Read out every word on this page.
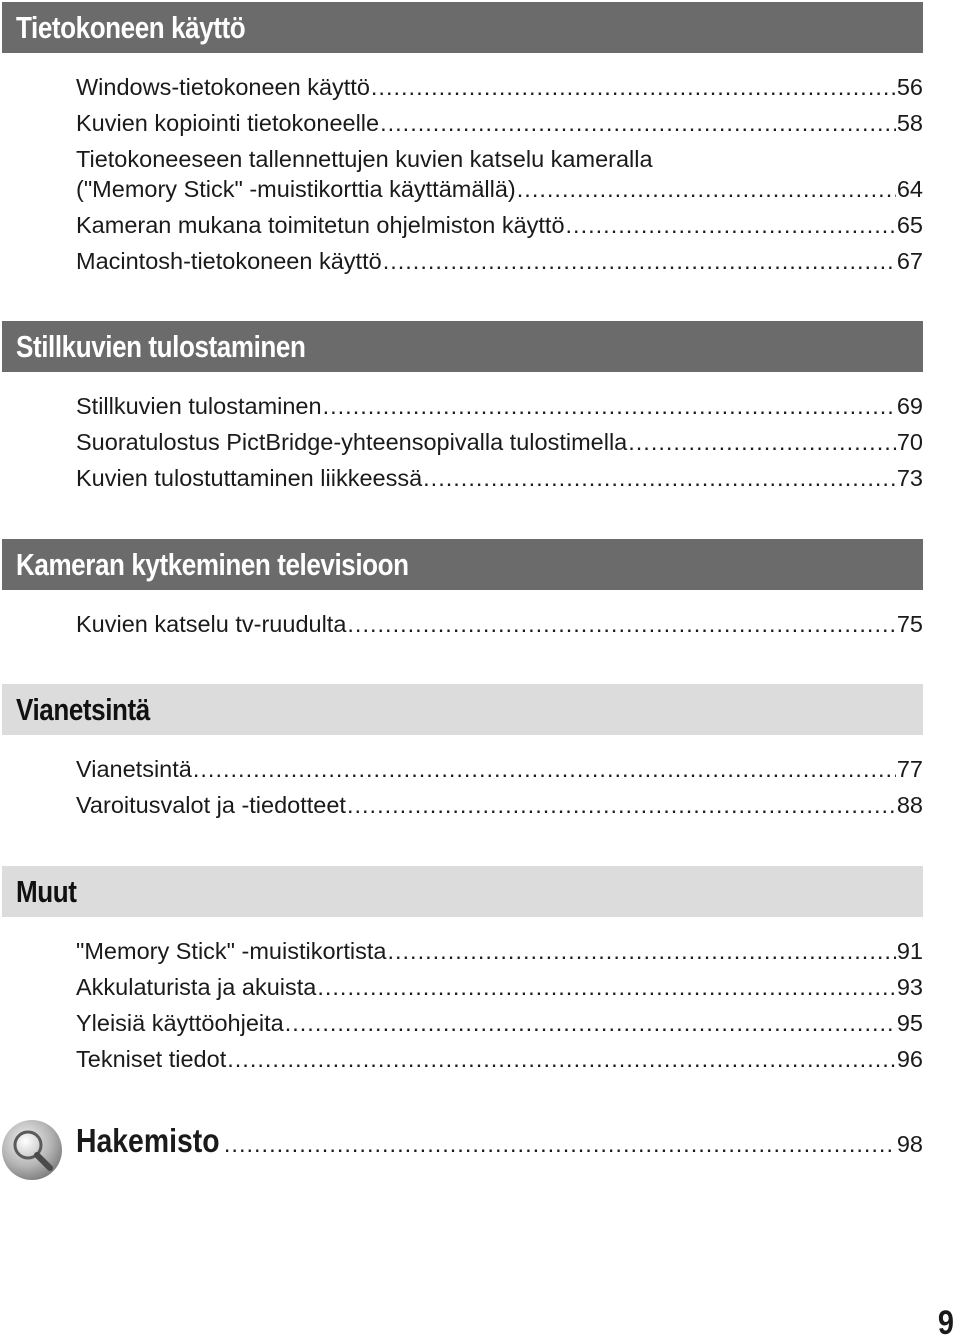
Tietokoneen käyttö
Windows-tietokoneen käyttö .....	56
Kuvien kopiointi tietokoneelle .....	58
Tietokoneeseen tallennettujen kuvien katselu kameralla
("Memory Stick" -muistikorttia käyttämällä) .....	64
Kameran mukana toimitetun ohjelmiston käyttö .....	65
Macintosh-tietokoneen käyttö .....	67
Stillkuvien tulostaminen
Stillkuvien tulostaminen .....	69
Suoratulostus PictBridge-yhteensopivalla tulostimella .....	70
Kuvien tulostuttaminen liikkeessä .....	73
Kameran kytkeminen televisioon
Kuvien katselu tv-ruudulta .....	75
Vianetsintä
Vianetsintä .....	77
Varoitusvalot ja -tiedotteet .....	88
Muut
"Memory Stick" -muistikortista .....	91
Akkulaturista ja akuista .....	93
Yleisiä käyttöohjeita .....	95
Tekniset tiedot .....	96
Hakemisto .....	98
9
